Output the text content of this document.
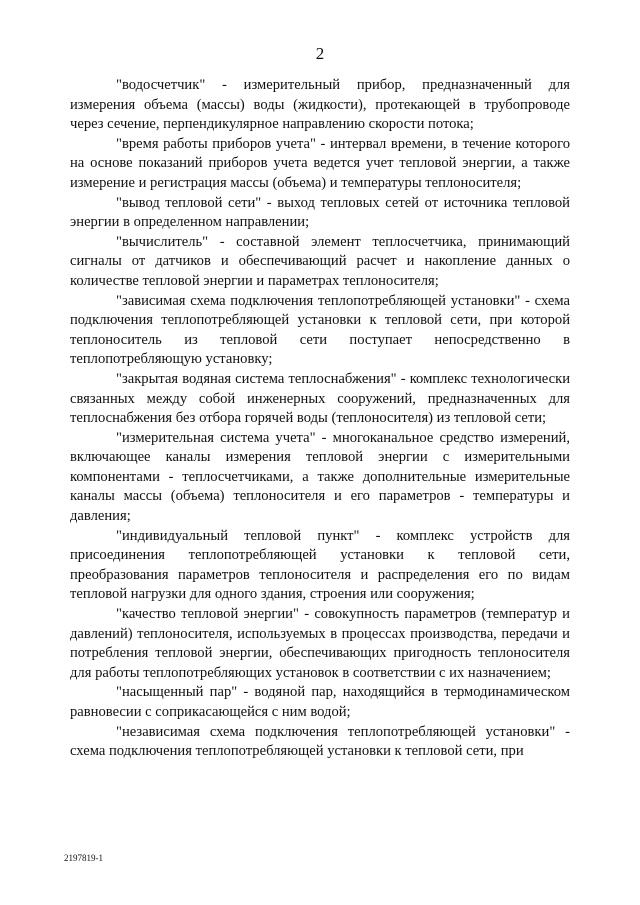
2

"водосчетчик" - измерительный прибор, предназначенный для измерения объема (массы) воды (жидкости), протекающей в трубопроводе через сечение, перпендикулярное направлению скорости потока;

"время работы приборов учета" - интервал времени, в течение которого на основе показаний приборов учета ведется учет тепловой энергии, а также измерение и регистрация массы (объема) и температуры теплоносителя;

"вывод тепловой сети" - выход тепловых сетей от источника тепловой энергии в определенном направлении;

"вычислитель" - составной элемент теплосчетчика, принимающий сигналы от датчиков и обеспечивающий расчет и накопление данных о количестве тепловой энергии и параметрах теплоносителя;

"зависимая схема подключения теплопотребляющей установки" - схема подключения теплопотребляющей установки к тепловой сети, при которой теплоноситель из тепловой сети поступает непосредственно в теплопотребляющую установку;

"закрытая водяная система теплоснабжения" - комплекс технологически связанных между собой инженерных сооружений, предназначенных для теплоснабжения без отбора горячей воды (теплоносителя) из тепловой сети;

"измерительная система учета" - многоканальное средство измерений, включающее каналы измерения тепловой энергии с измерительными компонентами - теплосчетчиками, а также дополнительные измерительные каналы массы (объема) теплоносителя и его параметров - температуры и давления;

"индивидуальный тепловой пункт" - комплекс устройств для присоединения теплопотребляющей установки к тепловой сети, преобразования параметров теплоносителя и распределения его по видам тепловой нагрузки для одного здания, строения или сооружения;

"качество тепловой энергии" - совокупность параметров (температур и давлений) теплоносителя, используемых в процессах производства, передачи и потребления тепловой энергии, обеспечивающих пригодность теплоносителя для работы теплопотребляющих установок в соответствии с их назначением;

"насыщенный пар" - водяной пар, находящийся в термодинамическом равновесии с соприкасающейся с ним водой;

"независимая схема подключения теплопотребляющей установки" - схема подключения теплопотребляющей установки к тепловой сети, при

2197819-1
